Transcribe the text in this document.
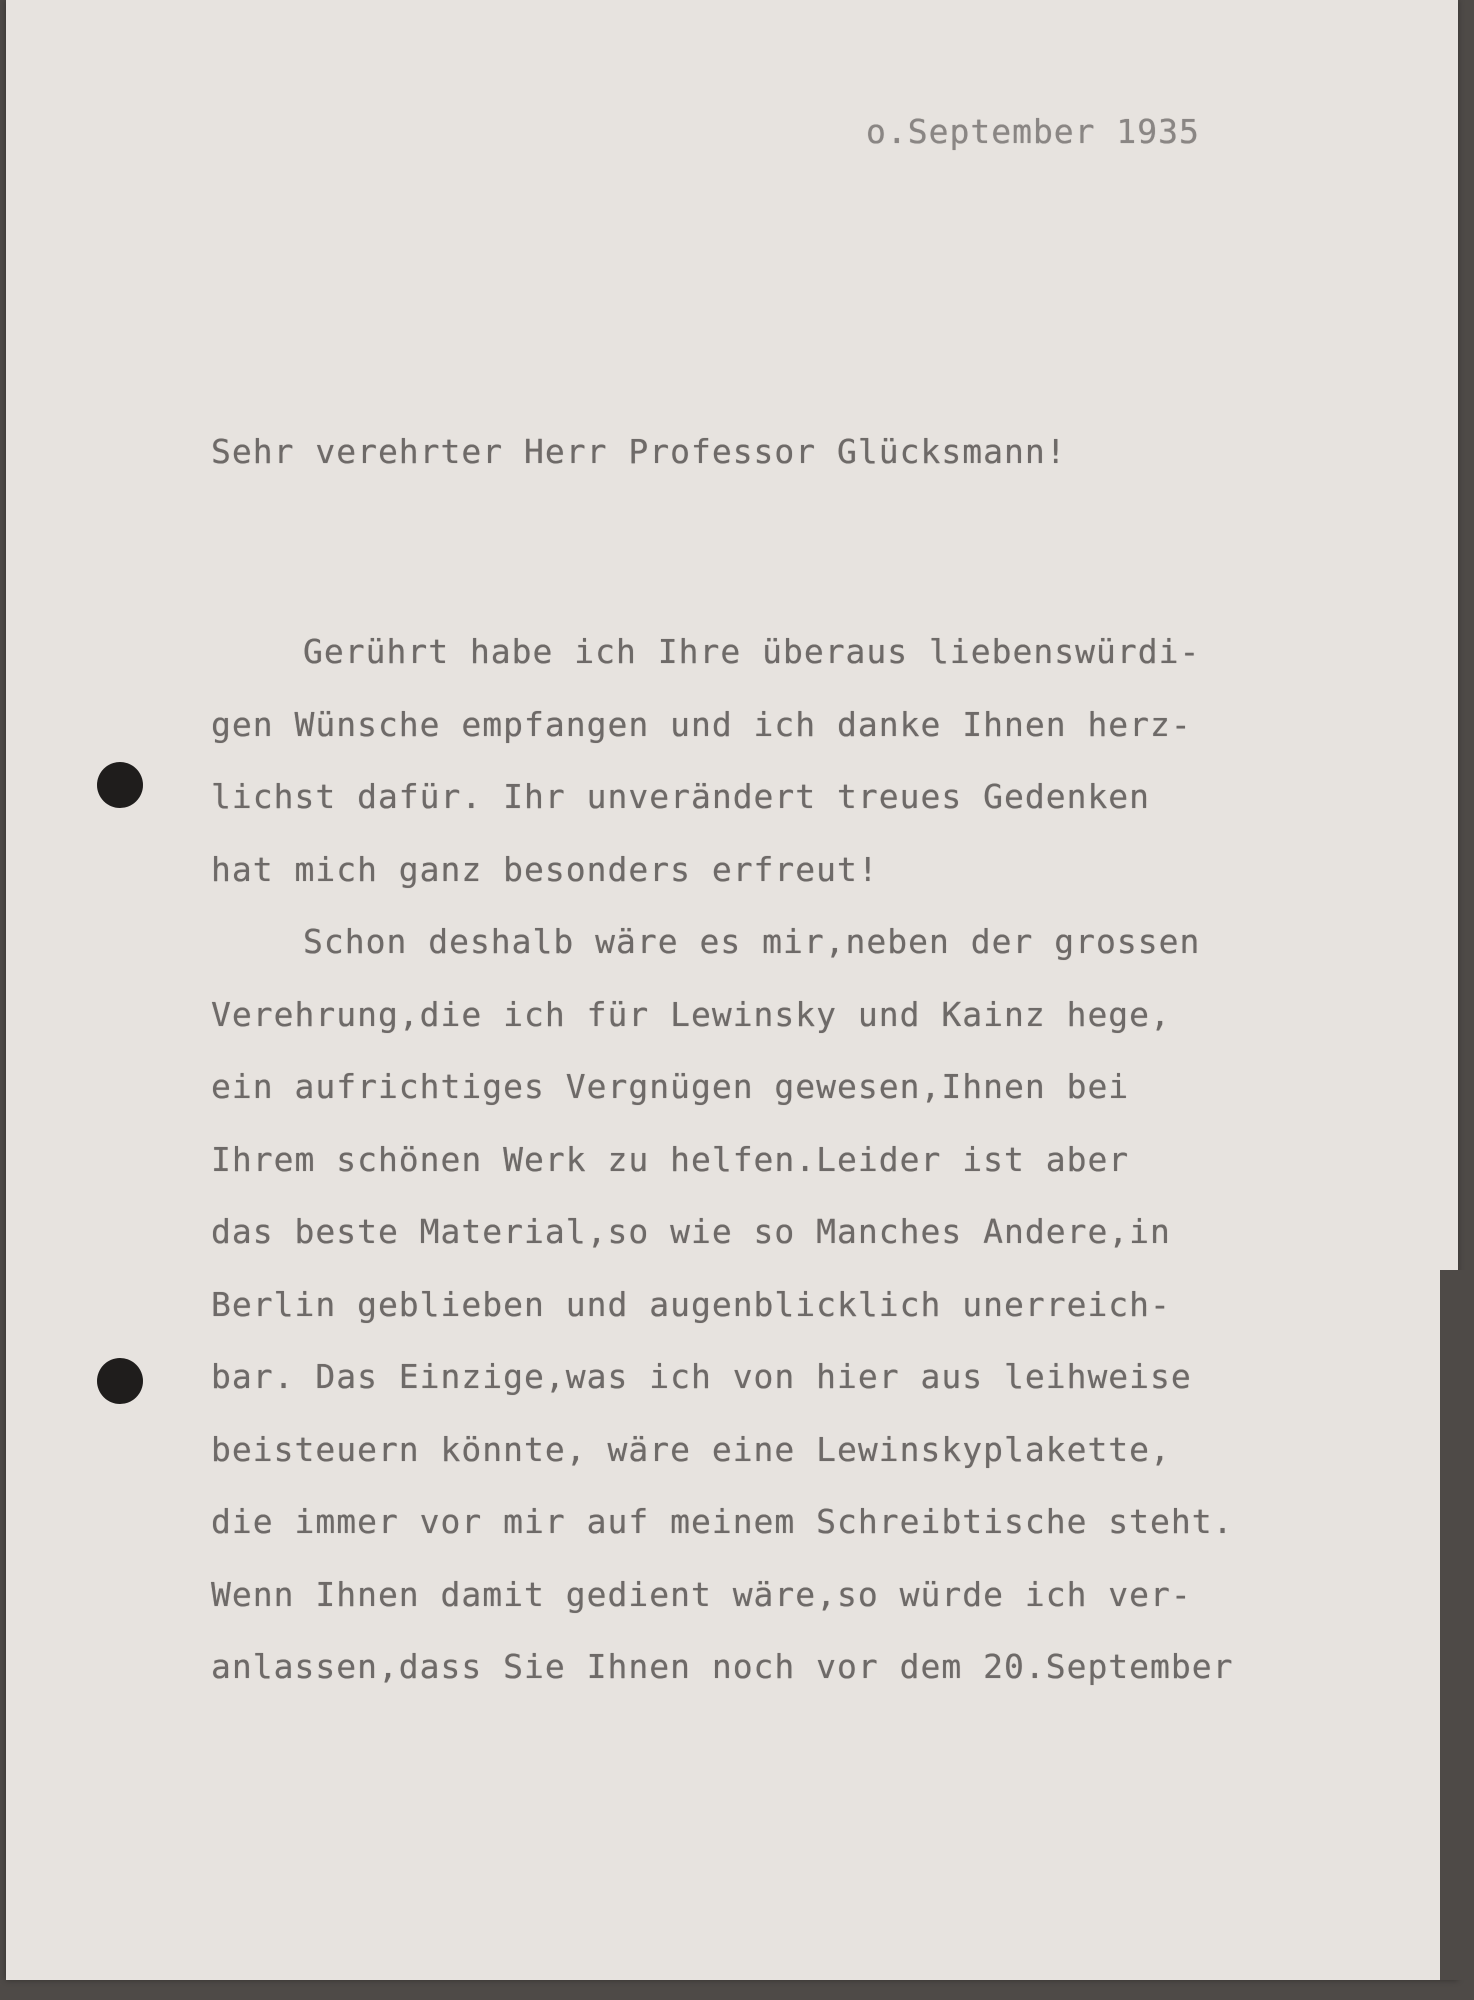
o.September 1935
Sehr verehrter Herr Professor Glücksmann!
Gerührt habe ich Ihre überaus liebenswürdi-
gen Wünsche empfangen und ich danke Ihnen herz-
lichst dafür. Ihr unverändert treues Gedenken
hat mich ganz besonders erfreut!
Schon deshalb wäre es mir,neben der grossen
Verehrung,die ich für Lewinsky und Kainz hege,
ein aufrichtiges Vergnügen gewesen,Ihnen bei
Ihrem schönen Werk zu helfen.Leider ist aber
das beste Material,so wie so Manches Andere,in
Berlin geblieben und augenblicklich unerreich-
bar. Das Einzige,was ich von hier aus leihweise
beisteuern könnte, wäre eine Lewinskyplakette,
die immer vor mir auf meinem Schreibtische steht.
Wenn Ihnen damit gedient wäre,so würde ich ver-
anlassen,dass Sie Ihnen noch vor dem 20.September
